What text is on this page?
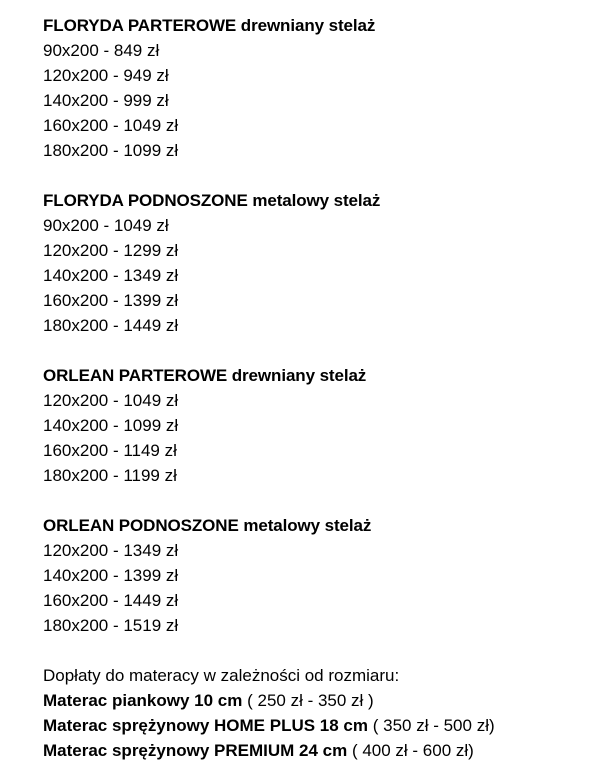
FLORYDA PARTEROWE drewniany stelaż
90x200 - 849 zł
120x200 - 949 zł
140x200 - 999 zł
160x200 - 1049 zł
180x200 - 1099 zł
FLORYDA PODNOSZONE metalowy stelaż
90x200 - 1049 zł
120x200 - 1299 zł
140x200 - 1349 zł
160x200 - 1399 zł
180x200 - 1449 zł
ORLEAN PARTEROWE drewniany stelaż
120x200 - 1049 zł
140x200 - 1099 zł
160x200 - 1149 zł
180x200 - 1199 zł
ORLEAN PODNOSZONE metalowy stelaż
120x200 - 1349 zł
140x200 - 1399 zł
160x200 - 1449 zł
180x200 - 1519 zł
Dopłaty do materacy w zależności od rozmiaru:
Materac piankowy 10 cm ( 250 zł - 350 zł )
Materac sprężynowy HOME PLUS 18 cm ( 350 zł - 500 zł)
Materac sprężynowy PREMIUM 24 cm ( 400 zł - 600 zł)
